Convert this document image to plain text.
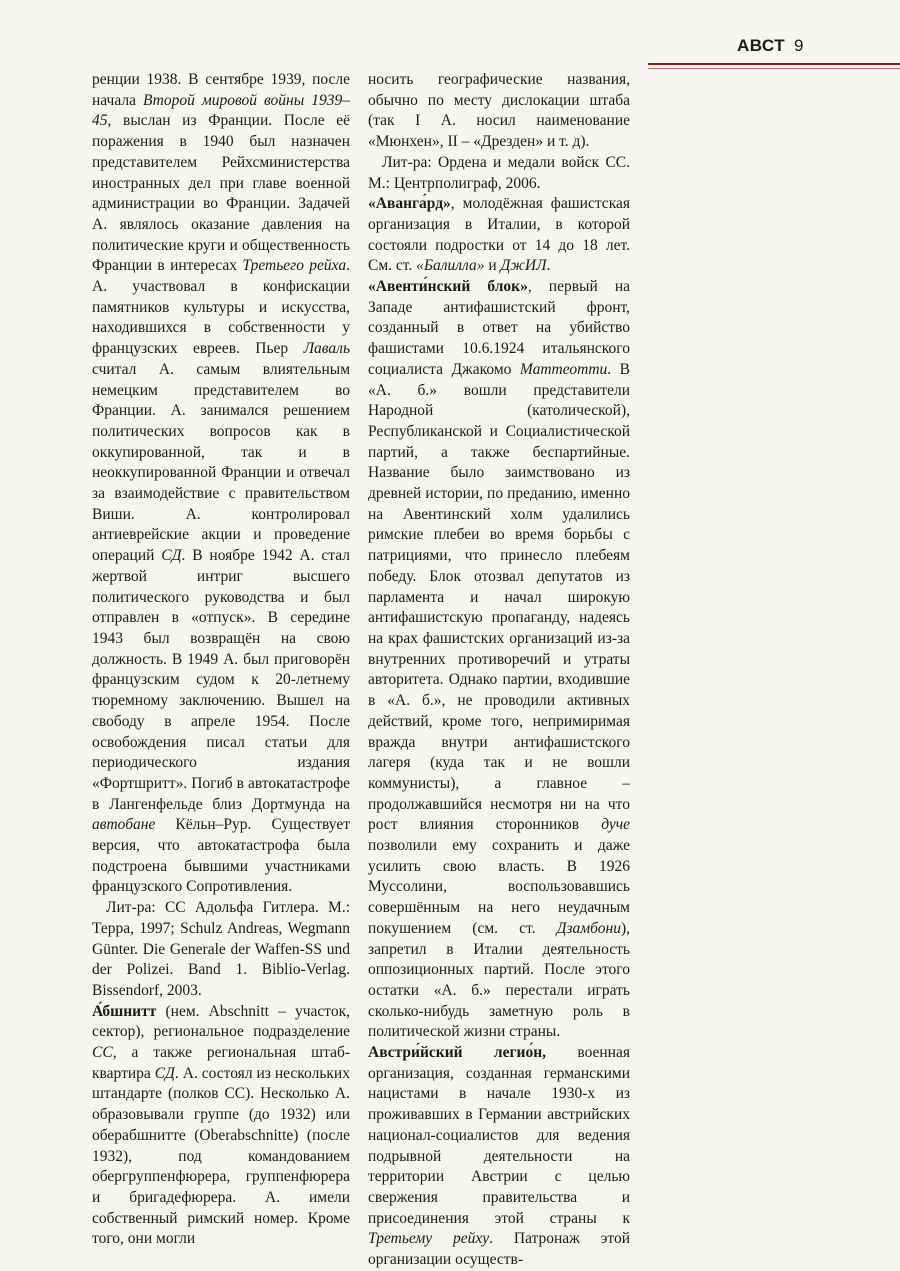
АВСТ 9

ренции 1938. В сентябре 1939, после начала Второй мировой войны 1939–45, выслан из Франции. После её поражения в 1940 был назначен представителем Рейхсминистерства иностранных дел при главе военной администрации во Франции. Задачей А. являлось оказание давления на политические круги и общественность Франции в интересах Третьего рейха. А. участвовал в конфискации памятников культуры и искусства, находившихся в собственности у французских евреев. Пьер Лаваль считал А. самым влиятельным немецким представителем во Франции. А. занимался решением политических вопросов как в оккупированной, так и в неоккупированной Франции и отвечал за взаимодействие с правительством Виши. А. контролировал антиеврейские акции и проведение операций СД. В ноябре 1942 А. стал жертвой интриг высшего политического руководства и был отправлен в «отпуск». В середине 1943 был возвращён на свою должность. В 1949 А. был приговорён французским судом к 20-летнему тюремному заключению. Вышел на свободу в апреле 1954. После освобождения писал статьи для периодического издания «Фортшритт». Погиб в автокатастрофе в Лангенфельде близ Дортмунда на автобане Кёльн–Рур. Существует версия, что автокатастрофа была подстроена бывшими участниками французского Сопротивления.

Лит-ра: СС Адольфа Гитлера. М.: Терра, 1997; Schulz Andreas, Wegmann Günter. Die Generale der Waffen-SS und der Polizei. Band 1. Biblio-Verlag. Bissendorf, 2003.

А́бшнитт (нем. Abschnitt – участок, сектор), региональное подразделение СС, а также региональная штаб-квартира СД. А. состоял из нескольких штандарте (полков СС). Несколько А. образовывали группе (до 1932) или оберабшнитте (Oberabschnitte) (после 1932), под командованием обергруппенфюрера, группенфюрера и бригадефюрера. А. имели собственный римский номер. Кроме того, они могли

носить географические названия, обычно по месту дислокации штаба (так I А. носил наименование «Мюнхен», II – «Дрезден» и т. д).

Лит-ра: Ордена и медали войск СС. М.: Центрполиграф, 2006.

«Аванга́рд», молодёжная фашистская организация в Италии, в которой состояли подростки от 14 до 18 лет. См. ст. «Балилла» и ДжИЛ.

«Авенти́нский блок», первый на Западе антифашистский фронт, созданный в ответ на убийство фашистами 10.6.1924 итальянского социалиста Джакомо Маттеотти. В «А. б.» вошли представители Народной (католической), Республиканской и Социалистической партий, а также беспартийные. Название было заимствовано из древней истории, по преданию, именно на Авентинский холм удалились римские плебеи во время борьбы с патрициями, что принесло плебеям победу. Блок отозвал депутатов из парламента и начал широкую антифашистскую пропаганду, надеясь на крах фашистских организаций из-за внутренних противоречий и утраты авторитета. Однако партии, входившие в «А. б.», не проводили активных действий, кроме того, непримиримая вражда внутри антифашистского лагеря (куда так и не вошли коммунисты), а главное – продолжавшийся несмотря ни на что рост влияния сторонников дуче позволили ему сохранить и даже усилить свою власть. В 1926 Муссолини, воспользовавшись совершённым на него неудачным покушением (см. ст. Дзамбони), запретил в Италии деятельность оппозиционных партий. После этого остатки «А. б.» перестали играть сколько-нибудь заметную роль в политической жизни страны.

Австри́йский легио́н, военная организация, созданная германскими нацистами в начале 1930-х из проживавших в Германии австрийских национал-социалистов для ведения подрывной деятельности на территории Австрии с целью свержения правительства и присоединения этой страны к Третьему рейху. Патронаж этой организации осуществ-
